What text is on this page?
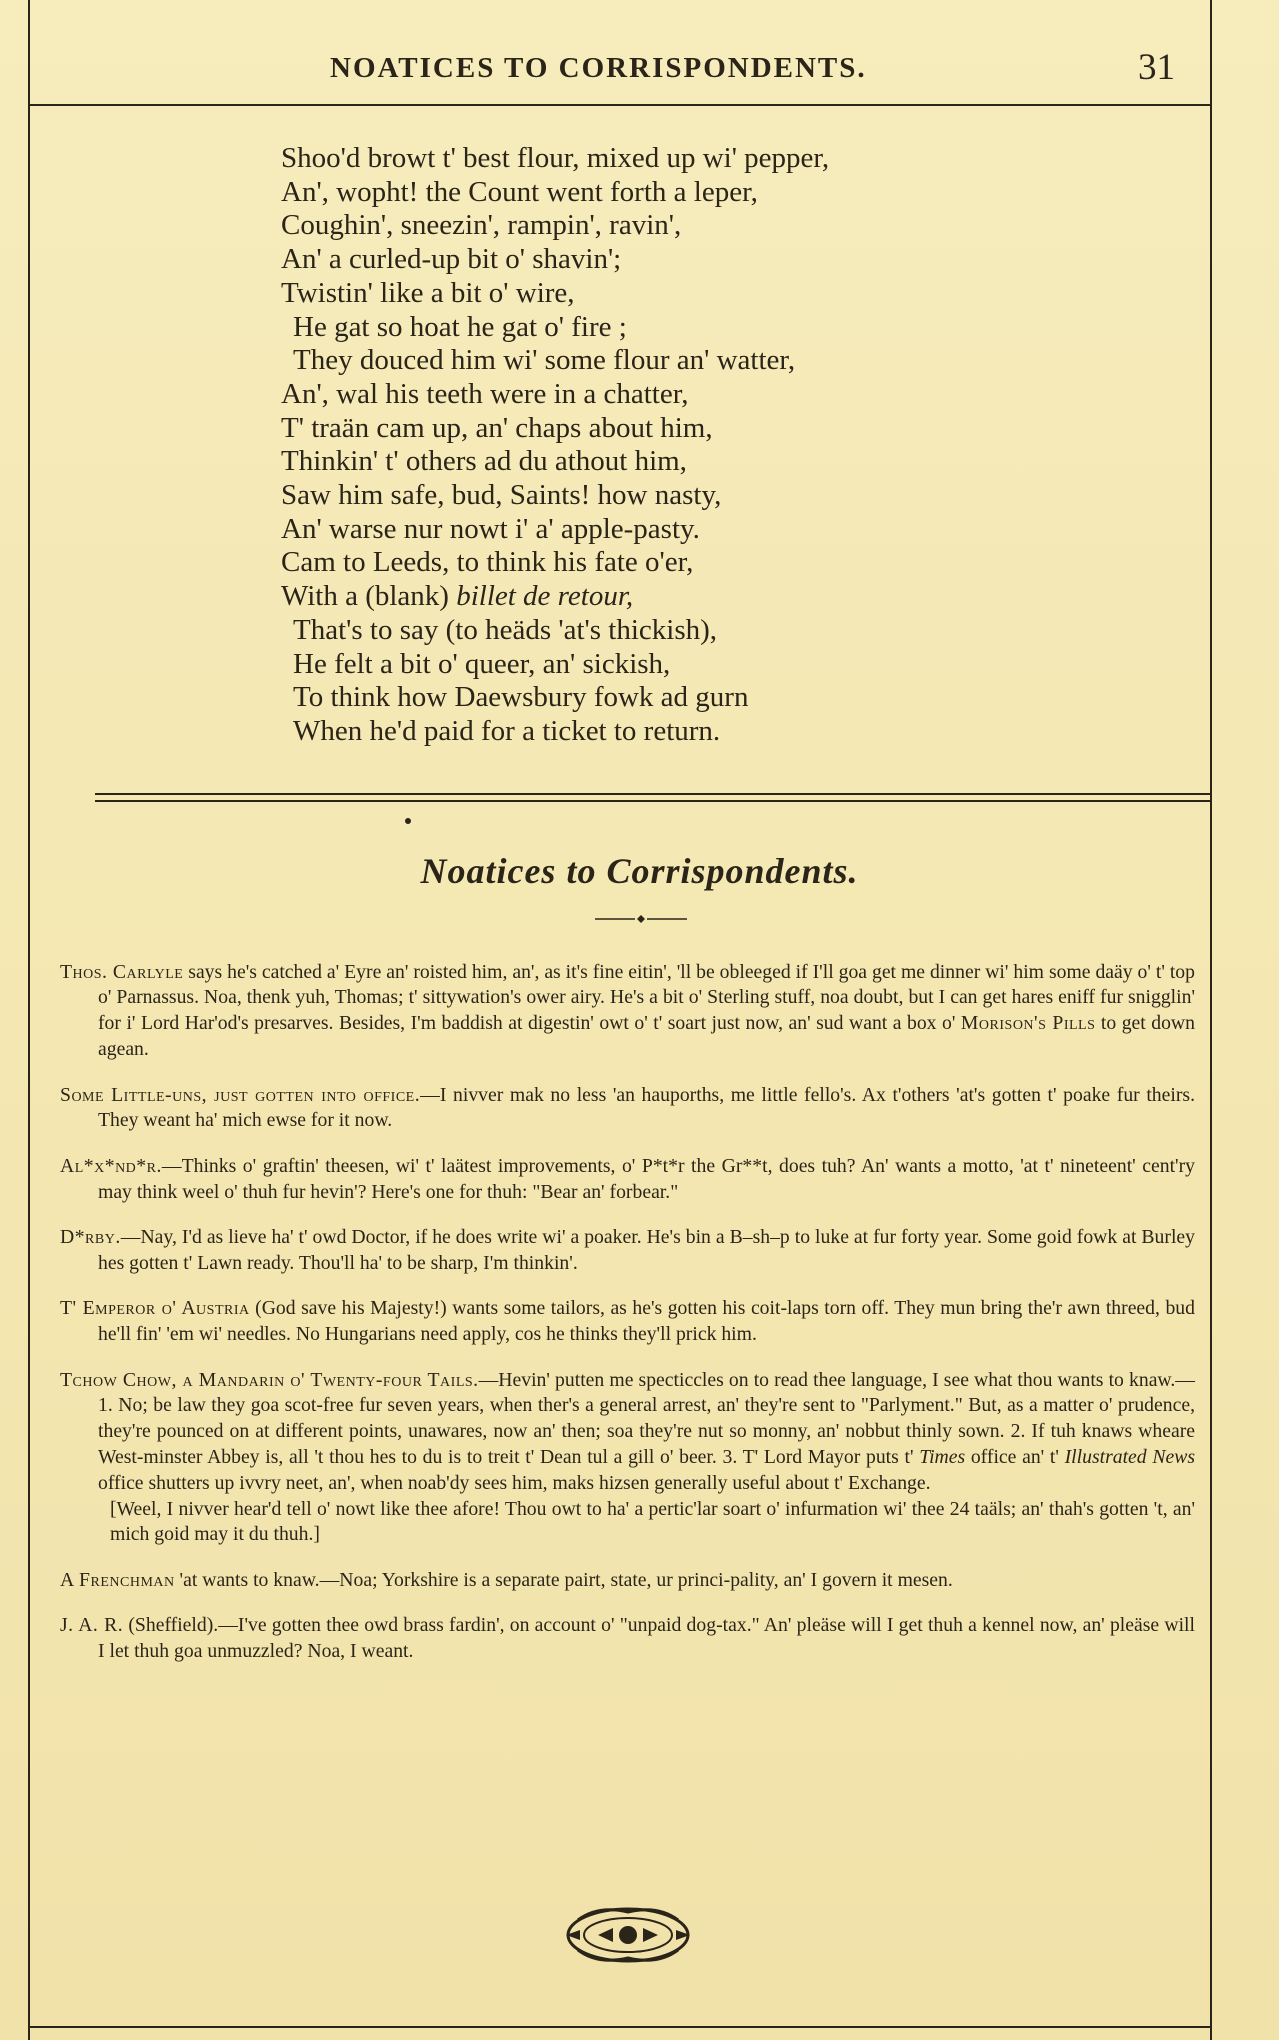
NOATICES TO CORRISPONDENTS.	31
Shoo'd browt t' best flour, mixed up wi' pepper,
An', wopht! the Count went forth a leper,
Coughin', sneezin', rampin', ravin',
An' a curled-up bit o' shavin';
Twistin' like a bit o' wire,
He gat so hoat he gat o' fire ;
They douced him wi' some flour an' watter,
An', wal his teeth were in a chatter,
T' traän cam up, an' chaps about him,
Thinkin' t' others ad du athout him,
Saw him safe, bud, Saints! how nasty,
An' warse nur nowt i' a' apple-pasty.
Cam to Leeds, to think his fate o'er,
With a (blank) billet de retour,
That's to say (to heäds 'at's thickish),
He felt a bit o' queer, an' sickish,
To think how Daewsbury fowk ad gurn
When he'd paid for a ticket to return.
Noatices to Corrispondents.

Thos. Carlyle says he's catched a' Eyre an' roisted him, an', as it's fine eitin', 'll be obleeged if I'll goa get me dinner wi' him some daäy o' t' top o' Parnassus. Noa, thenk yuh, Thomas; t' sittywation's ower airy. He's a bit o' Sterling stuff, noa doubt, but I can get hares eniff fur snigglin' for i' Lord Har'od's presarves. Besides, I'm baddish at digestin' owt o' t' soart just now, an' sud want a box o' Morison's Pills to get down agean.

Some Little-uns, just gotten into office.—I nivver mak no less 'an hauporths, me little fello's. Ax t'others 'at's gotten t' poake fur theirs. They weant ha' mich ewse for it now.

Al*x*nd*r.—Thinks o' graftin' theesen, wi' t' laätest improvements, o' P*t*r the Gr**t, does tuh? An' wants a motto, 'at t' nineteent' cent'ry may think weel o' thuh fur hevin'? Here's one for thuh: "Bear an' forbear."

D*rby.—Nay, I'd as lieve ha' t' owd Doctor, if he does write wi' a poaker. He's bin a B–sh–p to luke at fur forty year. Some goid fowk at Burley hes gotten t' Lawn ready. Thou'll ha' to be sharp, I'm thinkin'.

T' Emperor o' Austria (God save his Majesty!) wants some tailors, as he's gotten his coit-laps torn off. They mun bring the'r awn threed, bud he'll fin' 'em wi' needles. No Hungarians need apply, cos he thinks they'll prick him.

Tchow Chow, a Mandarin o' Twenty-four Tails.—Hevin' putten me specticcles on to read thee language, I see what thou wants to knaw.—1. No; be law they goa scot-free fur seven years, when ther's a general arrest, an' they're sent to "Parlyment." But, as a matter o' prudence, they're pounced on at different points, unawares, now an' then; soa they're nut so monny, an' nobbut thinly sown. 2. If tuh knaws wheare West-minster Abbey is, all 't thou hes to du is to treit t' Dean tul a gill o' beer. 3. T' Lord Mayor puts t' Times office an' t' Illustrated News office shutters up ivvry neet, an', when noab'dy sees him, maks hizsen generally useful about t' Exchange.
[Weel, I nivver hear'd tell o' nowt like thee afore! Thou owt to ha' a pertic'lar soart o' infurmation wi' thee 24 taäls; an' thah's gotten 't, an' mich goid may it du thuh.]

A Frenchman 'at wants to knaw.—Noa; Yorkshire is a separate pairt, state, ur princi-pality, an' I govern it mesen.

J. A. R. (Sheffield).—I've gotten thee owd brass fardin', on account o' "unpaid dog-tax." An' pleäse will I get thuh a kennel now, an' pleäse will I let thuh goa unmuzzled? Noa, I weant.
